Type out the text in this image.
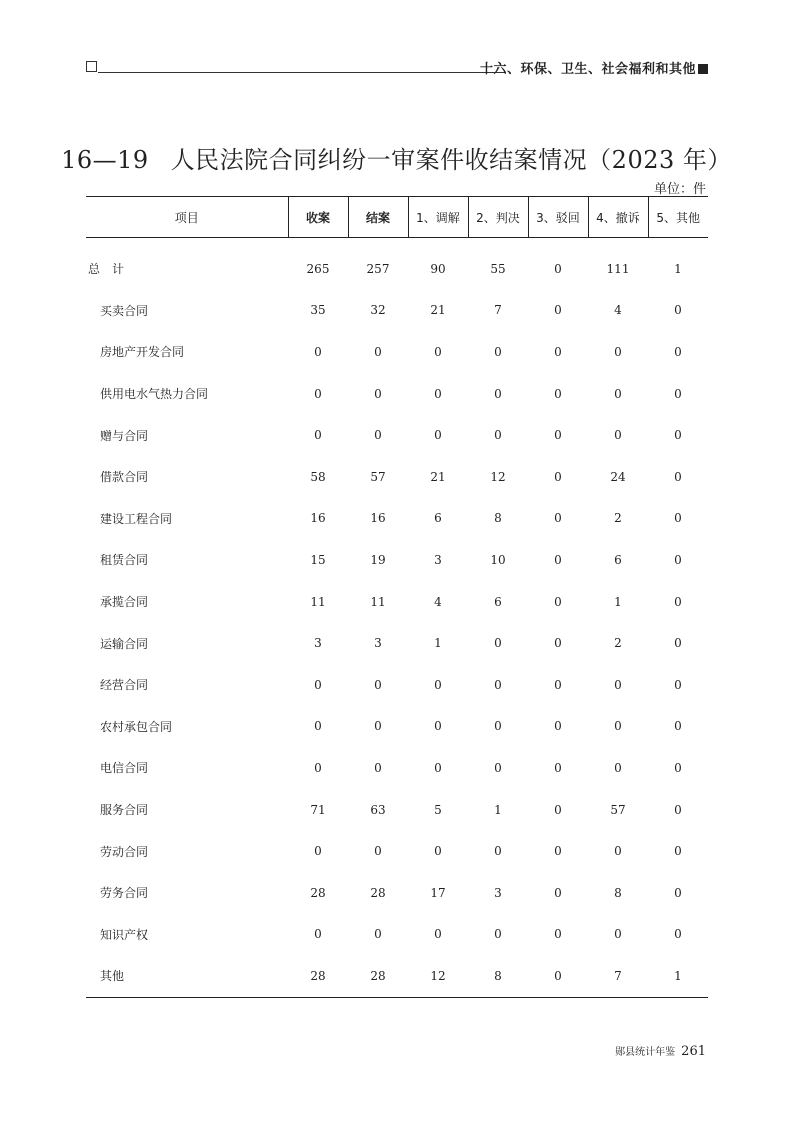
十六、环保、卫生、社会福利和其他
16—19 人民法院合同纠纷一审案件收结案情况（2023 年）
单位：件
项目	收案	结案	1、调解	2、判决	3、驳回	4、撤诉	5、其他
总　计	265	257	90	55	0	111	1
买卖合同	35	32	21	7	0	4	0
房地产开发合同	0	0	0	0	0	0	0
供用电水气热力合同	0	0	0	0	0	0	0
赠与合同	0	0	0	0	0	0	0
借款合同	58	57	21	12	0	24	0
建设工程合同	16	16	6	8	0	2	0
租赁合同	15	19	3	10	0	6	0
承揽合同	11	11	4	6	0	1	0
运输合同	3	3	1	0	0	2	0
经营合同	0	0	0	0	0	0	0
农村承包合同	0	0	0	0	0	0	0
电信合同	0	0	0	0	0	0	0
服务合同	71	63	5	1	0	57	0
劳动合同	0	0	0	0	0	0	0
劳务合同	28	28	17	3	0	8	0
知识产权	0	0	0	0	0	0	0
其他	28	28	12	8	0	7	1
郧县统计年鉴 261
